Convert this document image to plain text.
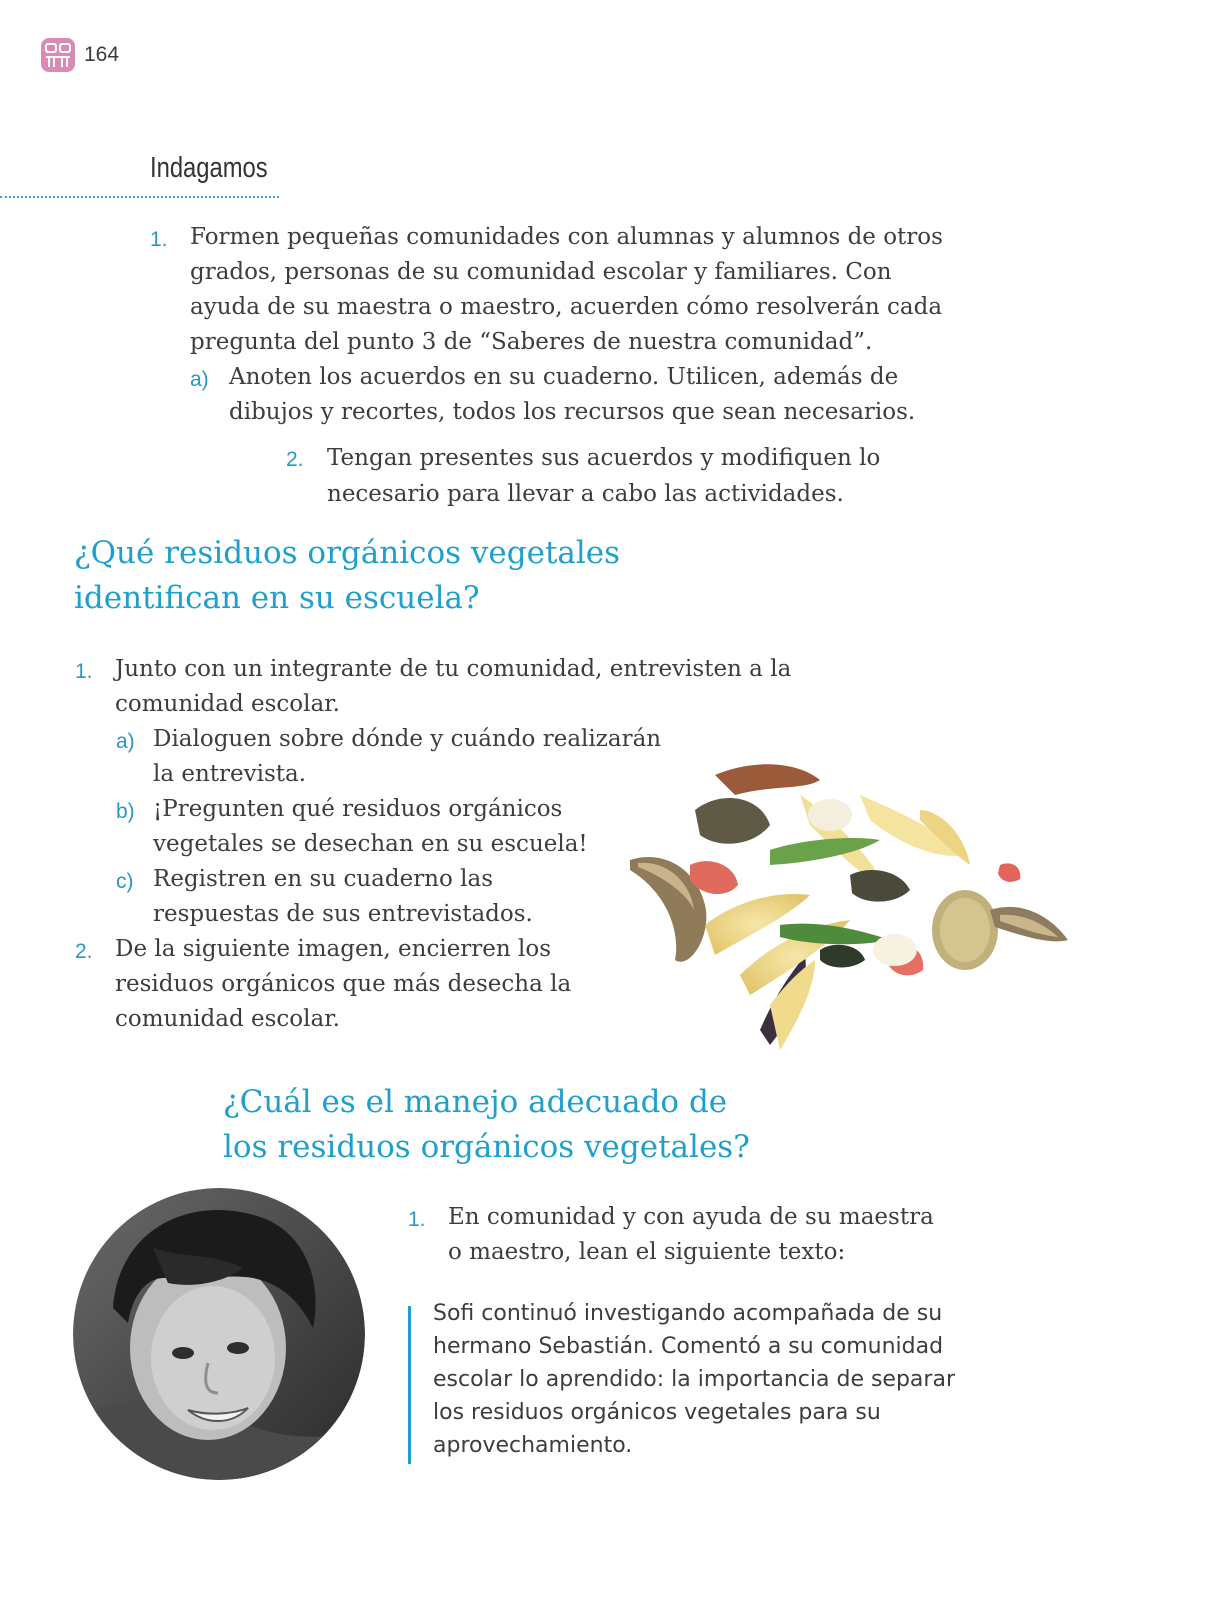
164
Indagamos
1. Formen pequeñas comunidades con alumnas y alumnos de otros
grados, personas de su comunidad escolar y familiares. Con
ayuda de su maestra o maestro, acuerden cómo resolverán cada
pregunta del punto 3 de “Saberes de nuestra comunidad”.
a) Anoten los acuerdos en su cuaderno. Utilicen, además de
dibujos y recortes, todos los recursos que sean necesarios.
2. Tengan presentes sus acuerdos y modifiquen lo
necesario para llevar a cabo las actividades.
¿Qué residuos orgánicos vegetales
identifican en su escuela?
1. Junto con un integrante de tu comunidad, entrevisten a la
comunidad escolar.
a) Dialoguen sobre dónde y cuándo realizarán
la entrevista.
b) ¡Pregunten qué residuos orgánicos
vegetales se desechan en su escuela!
c) Registren en su cuaderno las
respuestas de sus entrevistados.
2. De la siguiente imagen, encierren los
residuos orgánicos que más desecha la
comunidad escolar.
¿Cuál es el manejo adecuado de
los residuos orgánicos vegetales?
1. En comunidad y con ayuda de su maestra
o maestro, lean el siguiente texto:
Sofi continuó investigando acompañada de su
hermano Sebastián. Comentó a su comunidad
escolar lo aprendido: la importancia de separar
los residuos orgánicos vegetales para su
aprovechamiento.
